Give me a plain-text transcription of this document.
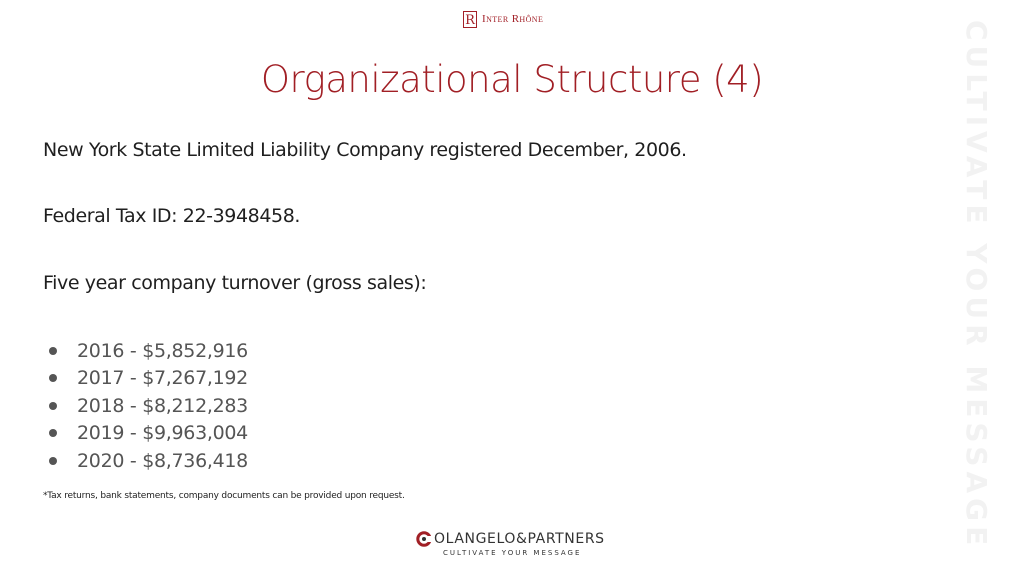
R Inter Rhône
Organizational Structure (4)
New York State Limited Liability Company registered December, 2006.
Federal Tax ID: 22-3948458.
Five year company turnover (gross sales):
2016 - $5,852,916
2017 - $7,267,192
2018 - $8,212,283
2019 - $9,963,004
2020 - $8,736,418
*Tax returns, bank statements, company documents can be provided upon request.	CULTIVATE YOUR MESSAGE
OLANGELO&PARTNERS
CULTIVATE YOUR MESSAGE
